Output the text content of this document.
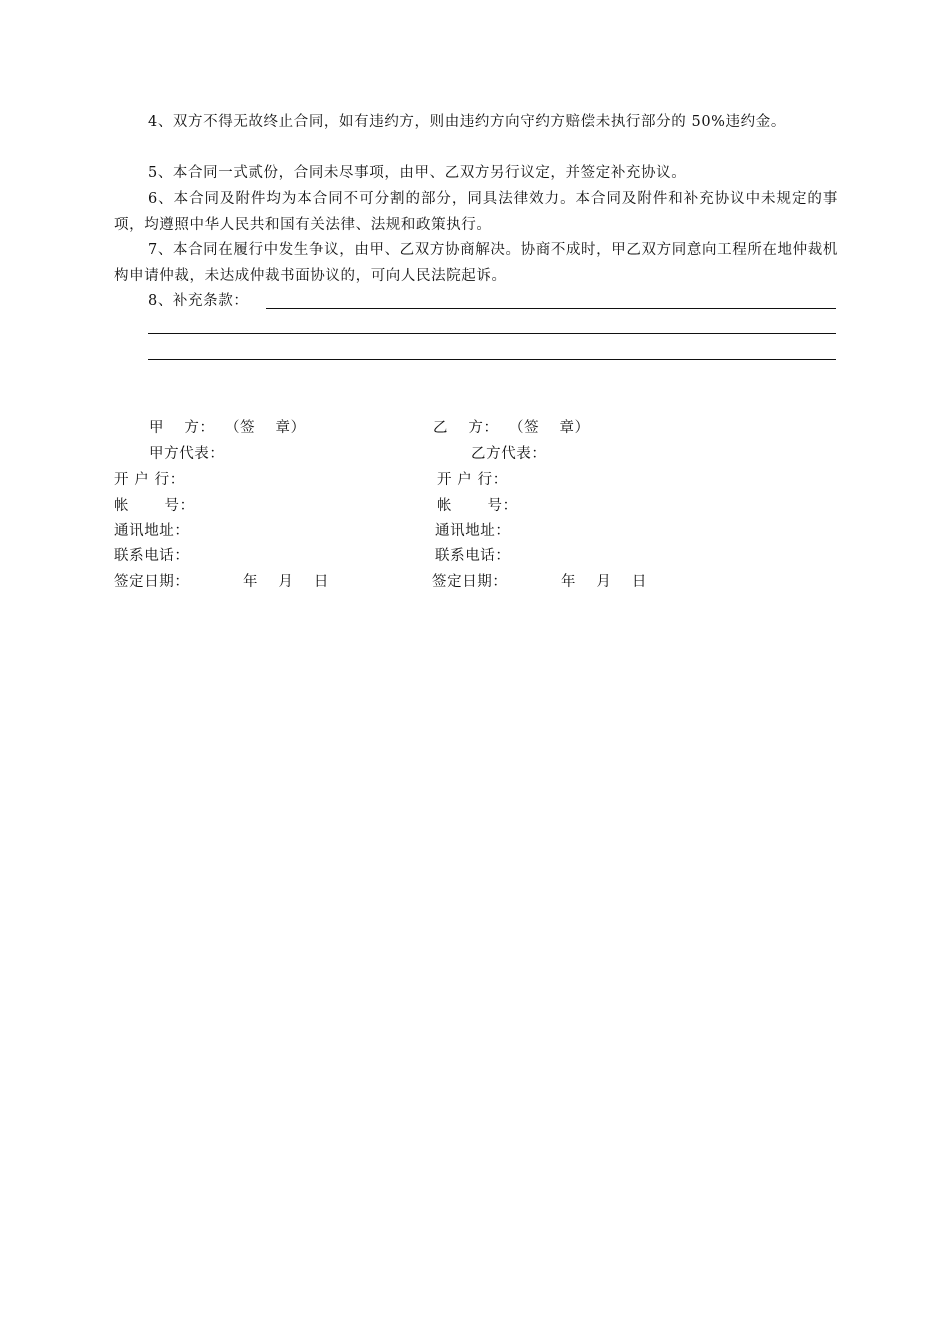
4、双方不得无故终止合同，如有违约方，则由违约方向守约方赔偿未执行部分的 50%违约金。

5、本合同一式贰份，合同未尽事项，由甲、乙双方另行议定，并签定补充协议。

6、本合同及附件均为本合同不可分割的部分，同具法律效力。本合同及附件和补充协议中未规定的事项，均遵照中华人民共和国有关法律、法规和政策执行。

7、本合同在履行中发生争议，由甲、乙双方协商解决。协商不成时，甲乙双方同意向工程所在地仲裁机构申请仲裁，未达成仲裁书面协议的，可向人民法院起诉。

8、补充条款：
甲　 方：  （签　 章）
甲方代表：
开 户 行：
帐　　 号：
通讯地址：
联系电话：
签定日期：	年　 月　 日
乙　 方：  （签　 章）
乙方代表：
开 户 行：
帐　　 号：
通讯地址：
联系电话：
签定日期：	年　 月　 日
